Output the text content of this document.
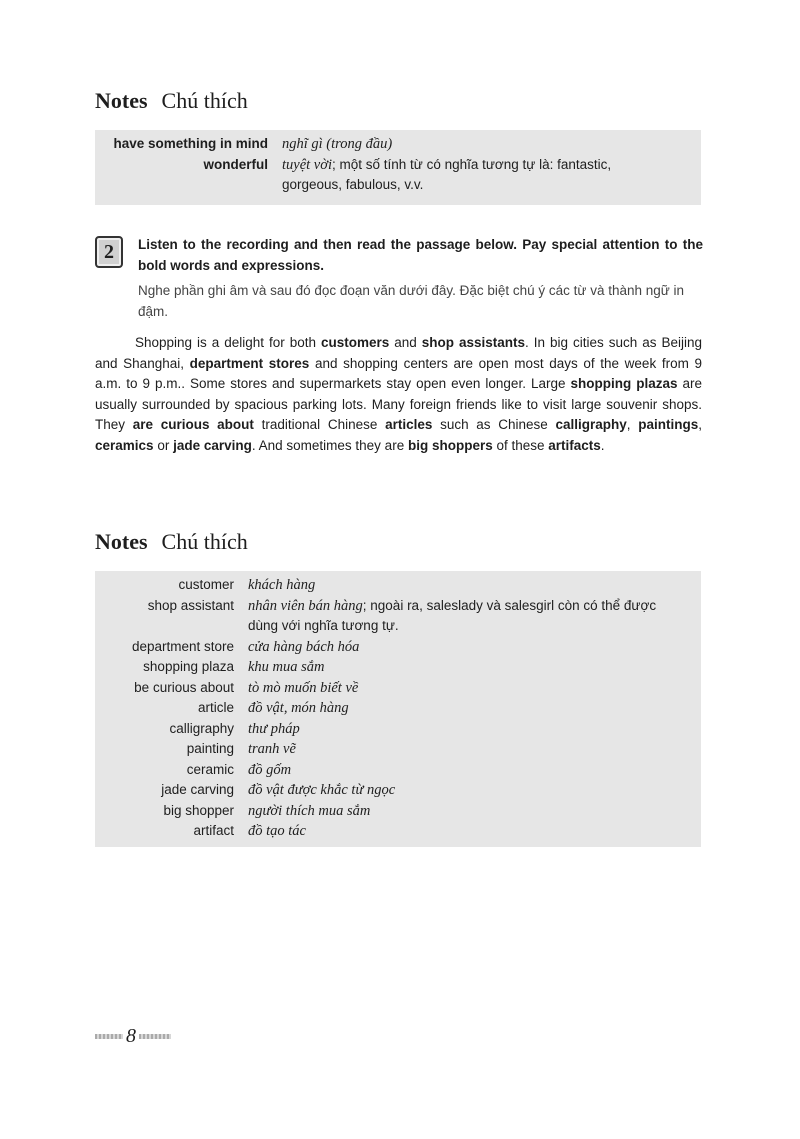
Notes Chú thích
have something in mind nghĩ gì (trong đầu)
wonderful tuyệt vời; một số tính từ có nghĩa tương tự là: fantastic, gorgeous, fabulous, v.v.
2	Listen to the recording and then read the passage below. Pay special attention to the bold words and expressions.

Nghe phần ghi âm và sau đó đọc đoạn văn dưới đây. Đặc biệt chú ý các từ và thành ngữ in đậm.

Shopping is a delight for both customers and shop assistants. In big cities such as Beijing and Shanghai, department stores and shopping centers are open most days of the week from 9 a.m. to 9 p.m.. Some stores and supermarkets stay open even longer. Large shopping plazas are usually surrounded by spacious parking lots. Many foreign friends like to visit large souvenir shops. They are curious about traditional Chinese articles such as Chinese calligraphy, paintings, ceramics or jade carving. And sometimes they are big shoppers of these artifacts.

Notes Chú thích
customer khách hàng
shop assistant nhân viên bán hàng; ngoài ra, saleslady và salesgirl còn có thể được dùng với nghĩa tương tự.
department store cửa hàng bách hóa
shopping plaza khu mua sắm
be curious about tò mò muốn biết về
article đồ vật, món hàng
calligraphy thư pháp
painting tranh vẽ
ceramic đồ gốm
jade carving đồ vật được khắc từ ngọc
big shopper người thích mua sắm
artifact đồ tạo tác
8
